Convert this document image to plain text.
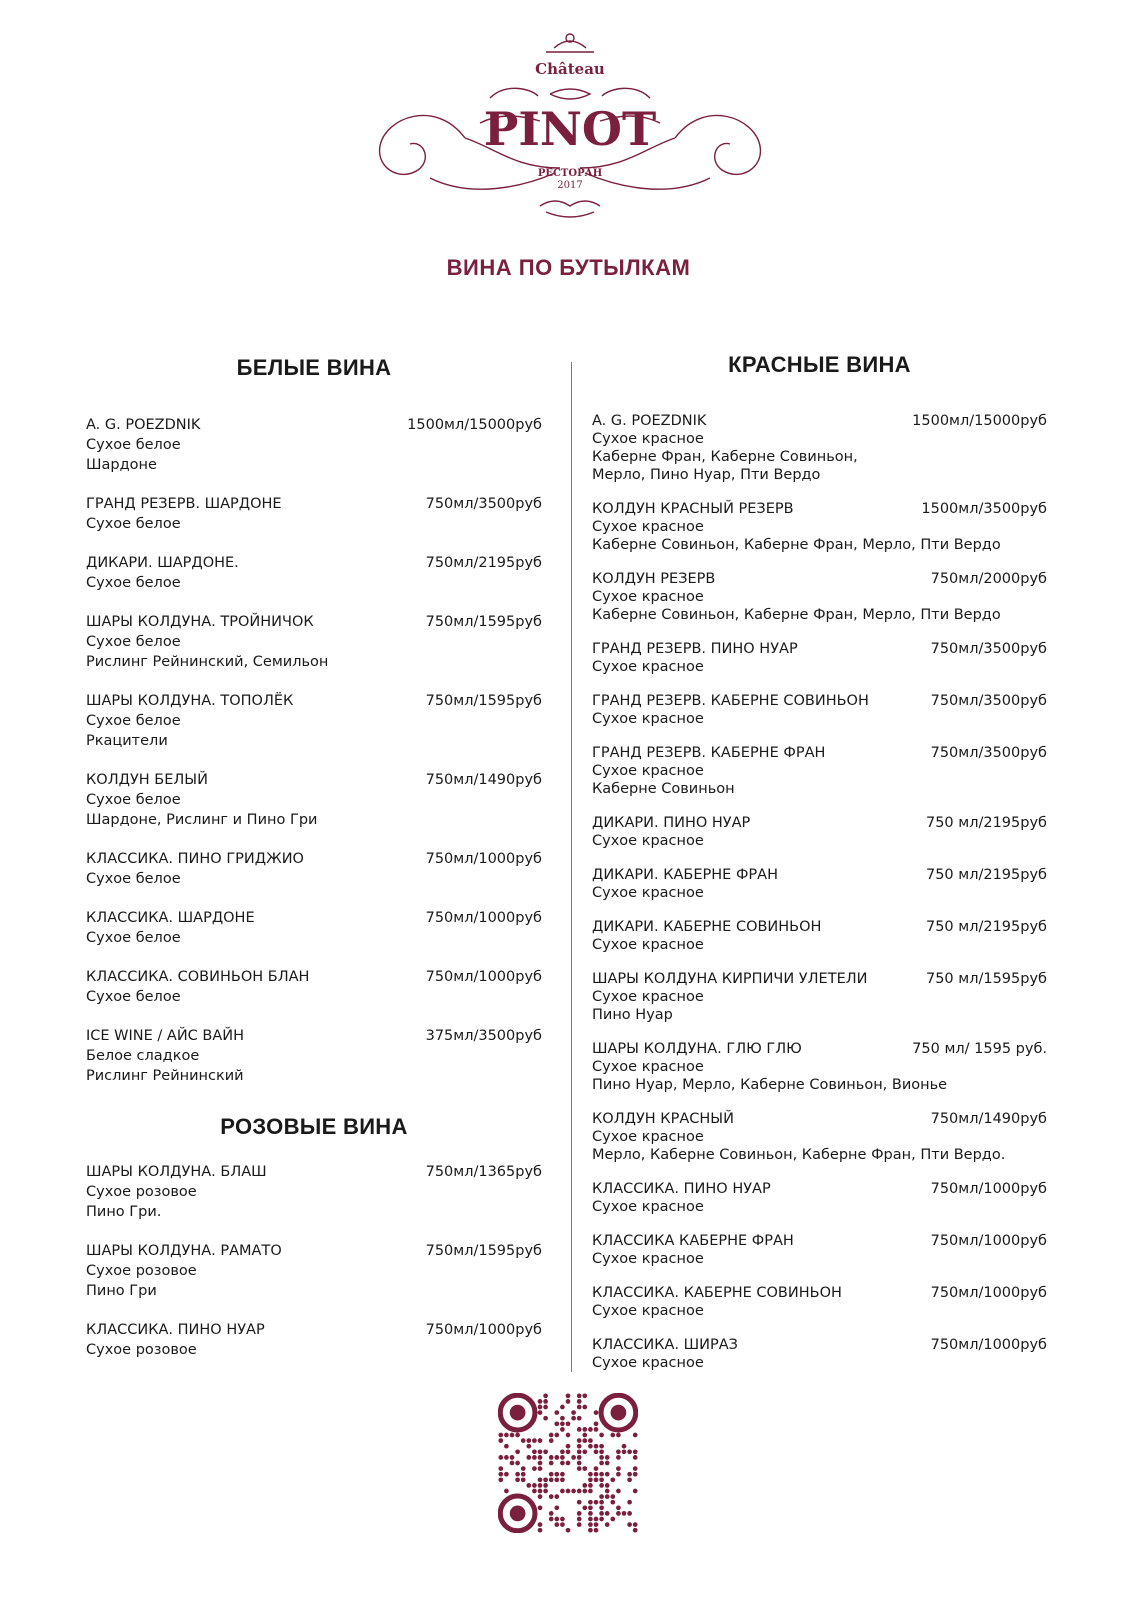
Château
PINOT
РЕСТОРАН
2017
ВИНА ПО БУТЫЛКАМ
БЕЛЫЕ ВИНА
A. G. POEZDNIK	1500мл/15000руб
Сухое белое
Шардоне
ГРАНД РЕЗЕРВ. ШАРДОНЕ	750мл/3500руб
Сухое белое
ДИКАРИ. ШАРДОНЕ.	750мл/2195руб
Сухое белое
ШАРЫ КОЛДУНА. ТРОЙНИЧОК	750мл/1595руб
Сухое белое
Рислинг Рейнинский, Семильон
ШАРЫ КОЛДУНА. ТОПОЛЁК	750мл/1595руб
Сухое белое
Ркацители
КОЛДУН БЕЛЫЙ	750мл/1490руб
Сухое белое
Шардоне, Рислинг и Пино Гри
КЛАССИКА. ПИНО ГРИДЖИО	750мл/1000руб
Сухое белое
КЛАССИКА. ШАРДОНЕ	750мл/1000руб
Сухое белое
КЛАССИКА. СОВИНЬОН БЛАН	750мл/1000руб
Сухое белое
ICE WINE / АЙС ВАЙН	375мл/3500руб
Белое сладкое
Рислинг Рейнинский
РОЗОВЫЕ ВИНА
ШАРЫ КОЛДУНА. БЛАШ	750мл/1365руб
Сухое розовое
Пино Гри.
ШАРЫ КОЛДУНА. РАМАТО	750мл/1595руб
Сухое розовое
Пино Гри
КЛАССИКА. ПИНО НУАР	750мл/1000руб
Сухое розовое
КРАСНЫЕ ВИНА
A. G. POEZDNIK	1500мл/15000руб
Сухое красное
Каберне Фран, Каберне Совиньон,
Мерло, Пино Нуар, Пти Вердо
КОЛДУН КРАСНЫЙ РЕЗЕРВ	1500мл/3500руб
Сухое красное
Каберне Совиньон, Каберне Фран, Мерло, Пти Вердо
КОЛДУН РЕЗЕРВ	750мл/2000руб
Сухое красное
Каберне Совиньон, Каберне Фран, Мерло, Пти Вердо
ГРАНД РЕЗЕРВ. ПИНО НУАР	750мл/3500руб
Сухое красное
ГРАНД РЕЗЕРВ. КАБЕРНЕ СОВИНЬОН	750мл/3500руб
Сухое красное
ГРАНД РЕЗЕРВ. КАБЕРНЕ ФРАН	750мл/3500руб
Сухое красное
Каберне Совиньон
ДИКАРИ. ПИНО НУАР	750 мл/2195руб
Сухое красное
ДИКАРИ. КАБЕРНЕ ФРАН	750 мл/2195руб
Сухое красное
ДИКАРИ. КАБЕРНЕ СОВИНЬОН	750 мл/2195руб
Сухое красное
ШАРЫ КОЛДУНА КИРПИЧИ УЛЕТЕЛИ	750 мл/1595руб
Сухое красное
Пино Нуар
ШАРЫ КОЛДУНА. ГЛЮ ГЛЮ	750 мл/ 1595 руб.
Сухое красное
Пино Нуар, Мерло, Каберне Совиньон, Вионье
КОЛДУН КРАСНЫЙ	750мл/1490руб
Сухое красное
Мерло, Каберне Совиньон, Каберне Фран, Пти Вердо.
КЛАССИКА. ПИНО НУАР	750мл/1000руб
Сухое красное
КЛАССИКА КАБЕРНЕ ФРАН	750мл/1000руб
Сухое красное
КЛАССИКА. КАБЕРНЕ СОВИНЬОН	750мл/1000руб
Сухое красное
КЛАССИКА. ШИРАЗ	750мл/1000руб
Сухое красное
